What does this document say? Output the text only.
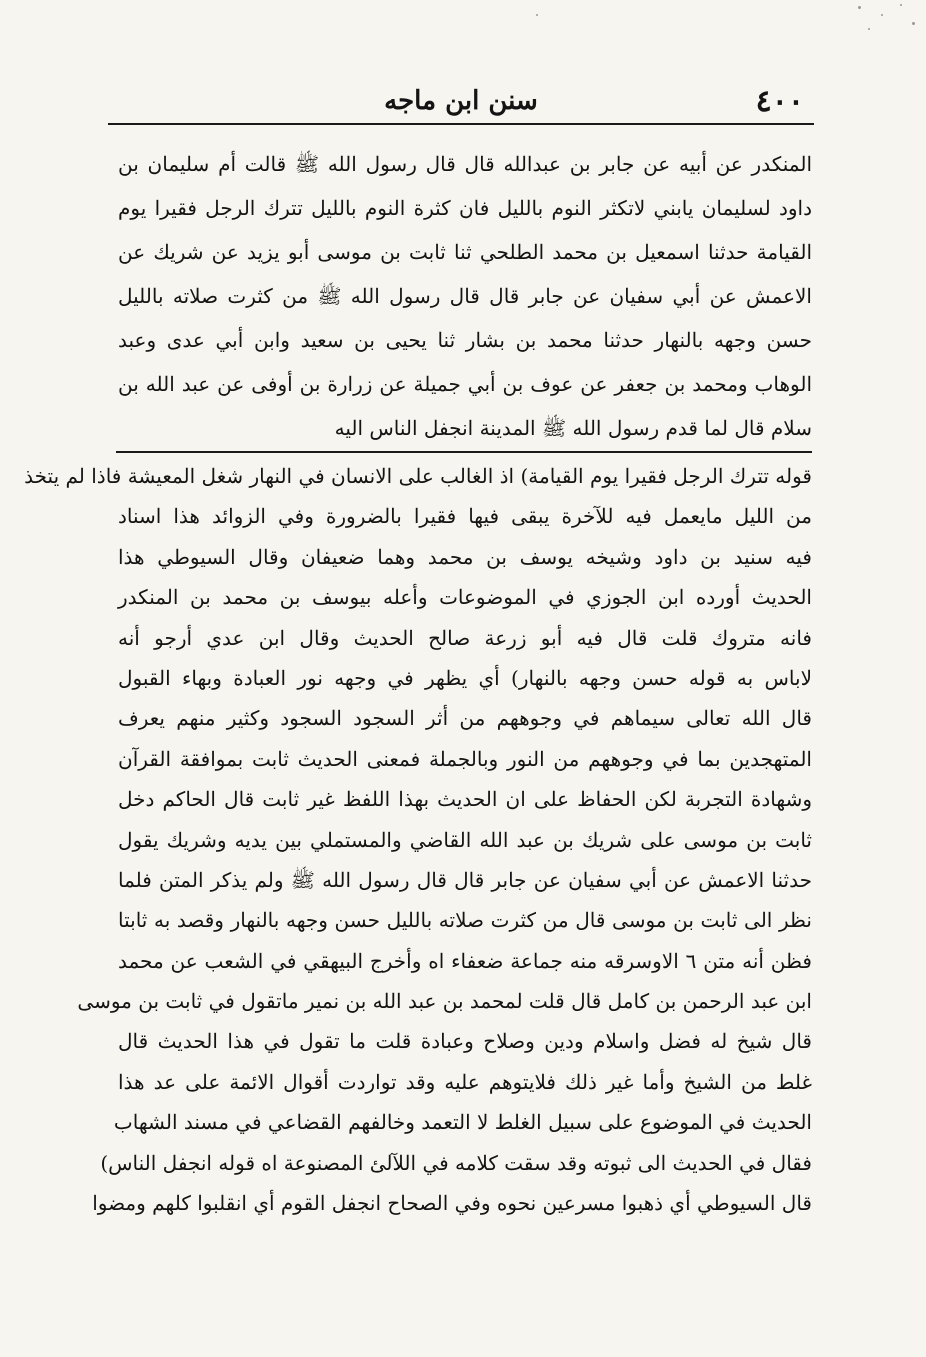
٤٠٠
سنن ابن ماجه
المنكدر عن أبيه عن جابر بن عبدالله قال قال رسول الله ﷺ قالت أم سليمان بن
داود لسليمان يابني لاتكثر النوم بالليل فان كثرة النوم بالليل تترك الرجل فقيرا يوم
القيامة حدثنا اسمعيل بن محمد الطلحي ثنا ثابت بن موسى أبو يزيد عن شريك عن
الاعمش عن أبي سفيان عن جابر قال قال رسول الله ﷺ من كثرت صلاته بالليل
حسن وجهه بالنهار حدثنا محمد بن بشار ثنا يحيى بن سعيد وابن أبي عدى وعبد
الوهاب ومحمد بن جعفر عن عوف بن أبي جميلة عن زرارة بن أوفى عن عبد الله بن
سلام قال لما قدم رسول الله ﷺ المدينة انجفل الناس اليه
قوله تترك الرجل فقيرا يوم القيامة) اذ الغالب على الانسان في النهار شغل المعيشة فاذا لم يتخذ
من الليل مايعمل فيه للآخرة يبقى فيها فقيرا بالضرورة وفي الزوائد هذا اسناد
فيه سنيد بن داود وشيخه يوسف بن محمد وهما ضعيفان وقال السيوطي هذا
الحديث أورده ابن الجوزي في الموضوعات وأعله بيوسف بن محمد بن المنكدر
فانه متروك قلت قال فيه أبو زرعة صالح الحديث وقال ابن عدي أرجو أنه
لاباس به قوله حسن وجهه بالنهار) أي يظهر في وجهه نور العبادة وبهاء القبول
قال الله تعالى سيماهم في وجوههم من أثر السجود السجود وكثير منهم يعرف
المتهجدين بما في وجوههم من النور وبالجملة فمعنى الحديث ثابت بموافقة القرآن
وشهادة التجربة لكن الحفاظ على ان الحديث بهذا اللفظ غير ثابت قال الحاكم دخل
ثابت بن موسى على شريك بن عبد الله القاضي والمستملي بين يديه وشريك يقول
حدثنا الاعمش عن أبي سفيان عن جابر قال قال رسول الله ﷺ ولم يذكر المتن فلما
نظر الى ثابت بن موسى قال من كثرت صلاته بالليل حسن وجهه بالنهار وقصد به ثابتا
فظن أنه متن ٦ الاوسرقه منه جماعة ضعفاء اه وأخرج البيهقي في الشعب عن محمد
ابن عبد الرحمن بن كامل قال قلت لمحمد بن عبد الله بن نمير ماتقول في ثابت بن موسى
قال شيخ له فضل واسلام ودين وصلاح وعبادة قلت ما تقول في هذا الحديث قال
غلط من الشيخ وأما غير ذلك فلايتوهم عليه وقد تواردت أقوال الائمة على عد هذا
الحديث في الموضوع على سبيل الغلط لا التعمد وخالفهم القضاعي في مسند الشهاب
فقال في الحديث الى ثبوته وقد سقت كلامه في اللآلئ المصنوعة اه قوله انجفل الناس)
قال السيوطي أي ذهبوا مسرعين نحوه وفي الصحاح انجفل القوم أي انقلبوا كلهم ومضوا
